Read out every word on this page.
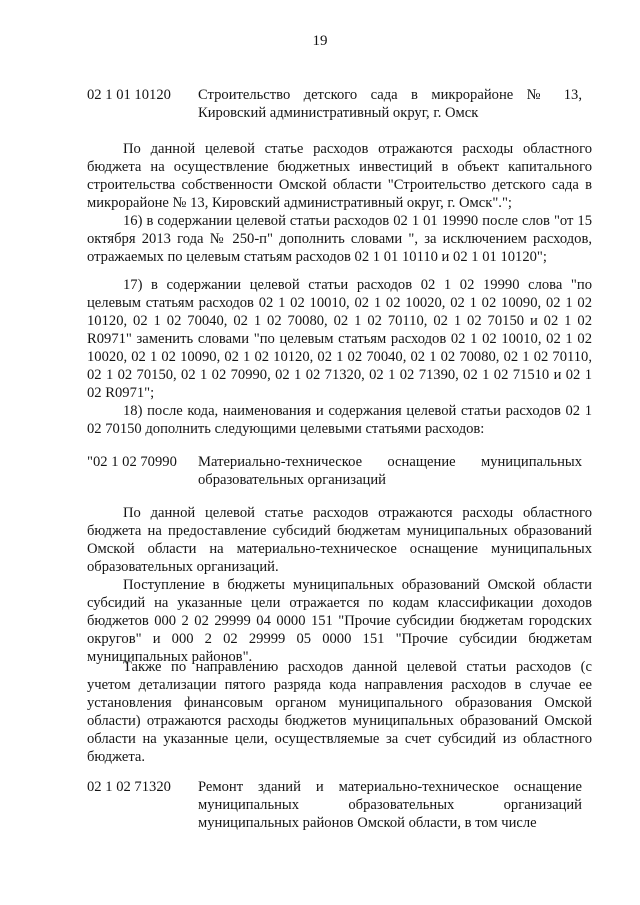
19
02 1 01 10120 Строительство детского сада в микрорайоне № 13, Кировский административный округ, г. Омск
По данной целевой статье расходов отражаются расходы областного бюджета на осуществление бюджетных инвестиций в объект капитального строительства собственности Омской области "Строительство детского сада в микрорайоне № 13, Кировский административный округ, г. Омск".";
16) в содержании целевой статьи расходов 02 1 01 19990 после слов "от 15 октября 2013 года № 250-п" дополнить словами ", за исключением расходов, отражаемых по целевым статьям расходов 02 1 01 10110 и 02 1 01 10120";
17) в содержании целевой статьи расходов 02 1 02 19990 слова "по целевым статьям расходов 02 1 02 10010, 02 1 02 10020, 02 1 02 10090, 02 1 02 10120, 02 1 02 70040, 02 1 02 70080, 02 1 02 70110, 02 1 02 70150 и 02 1 02 R0971" заменить словами "по целевым статьям расходов 02 1 02 10010, 02 1 02 10020, 02 1 02 10090, 02 1 02 10120, 02 1 02 70040, 02 1 02 70080, 02 1 02 70110, 02 1 02 70150, 02 1 02 70990, 02 1 02 71320, 02 1 02 71390, 02 1 02 71510 и 02 1 02 R0971";
18) после кода, наименования и содержания целевой статьи расходов 02 1 02 70150 дополнить следующими целевыми статьями расходов:
"02 1 02 70990 Материально-техническое оснащение муниципальных образовательных организаций
По данной целевой статье расходов отражаются расходы областного бюджета на предоставление субсидий бюджетам муниципальных образований Омской области на материально-техническое оснащение муниципальных образовательных организаций.
Поступление в бюджеты муниципальных образований Омской области субсидий на указанные цели отражается по кодам классификации доходов бюджетов 000 2 02 29999 04 0000 151 "Прочие субсидии бюджетам городских округов" и 000 2 02 29999 05 0000 151 "Прочие субсидии бюджетам муниципальных районов".
Также по направлению расходов данной целевой статьи расходов (с учетом детализации пятого разряда кода направления расходов в случае ее установления финансовым органом муниципального образования Омской области) отражаются расходы бюджетов муниципальных образований Омской области на указанные цели, осуществляемые за счет субсидий из областного бюджета.
02 1 02 71320 Ремонт зданий и материально-техническое оснащение муниципальных образовательных организаций муниципальных районов Омской области, в том числе
